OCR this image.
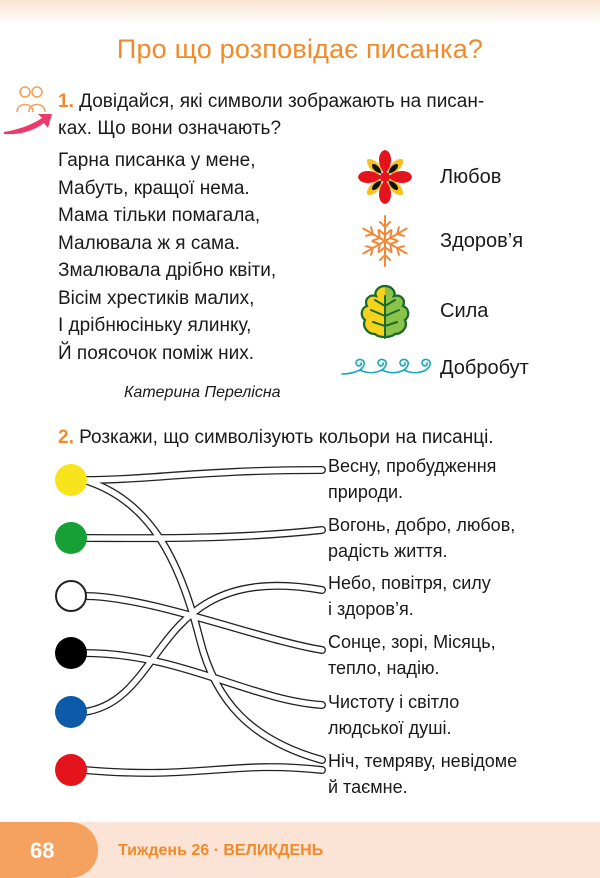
Про що розповідає писанка?
1. Довідайся, які символи зображають на писан-
ках. Що вони означають?
Гарна писанка у мене,
Мабуть, кращої нема.
Мама тільки помагала,
Малювала ж я сама.
Змалювала дрібно квіти,
Вісім хрестиків малих,
І дрібнюсіньку ялинку,
Й поясочок поміж них.
Катерина Перелісна
Любов
Здоров’я
Сила
Добробут
2. Розкажи, що символізують кольори на писанці.
Весну, пробудження
природи.
Вогонь, добро, любов,
радість життя.
Небо, повітря, силу
і здоров’я.
Сонце, зорі, Місяць,
тепло, надію.
Чистоту і світло
людської душі.
Ніч, темряву, невідоме
й таємне.
68	Тиждень 26 · ВЕЛИКДЕНЬ
